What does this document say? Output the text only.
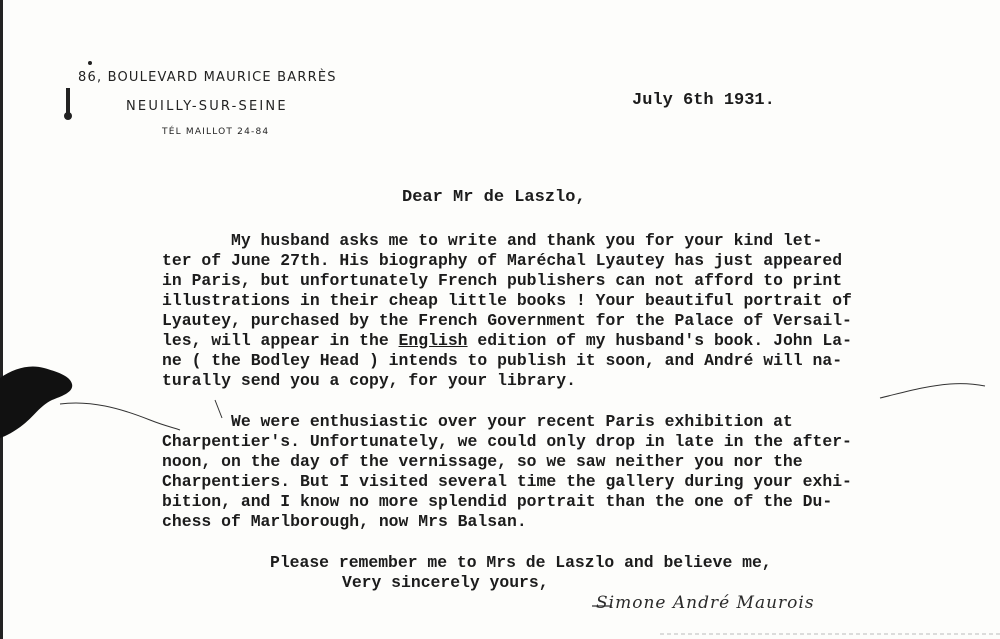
86, BOULEVARD MAURICE BARRÈS
NEUILLY-SUR-SEINE
TÉL MAILLOT 24-84
July 6th 1931.
Dear Mr de Laszlo,
My husband asks me to write and thank you for your kind let-
ter of June 27th. His biography of Maréchal Lyautey has just appeared
in Paris, but unfortunately French publishers can not afford to print
illustrations in their cheap little books ! Your beautiful portrait of
Lyautey, purchased by the French Government for the Palace of Versail-
les, will appear in the English edition of my husband's book. John La-
ne ( the Bodley Head ) intends to publish it soon, and André will na-
turally send you a copy, for your library.
We were enthusiastic over your recent Paris exhibition at
Charpentier's. Unfortunately, we could only drop in late in the after-
noon, on the day of the vernissage, so we saw neither you nor the
Charpentiers. But I visited several time the gallery during your exhi-
bition, and I know no more splendid portrait than the one of the Du-
chess of Marlborough, now Mrs Balsan.
Please remember me to Mrs de Laszlo and believe me,
Very sincerely yours,
Simone André Maurois
